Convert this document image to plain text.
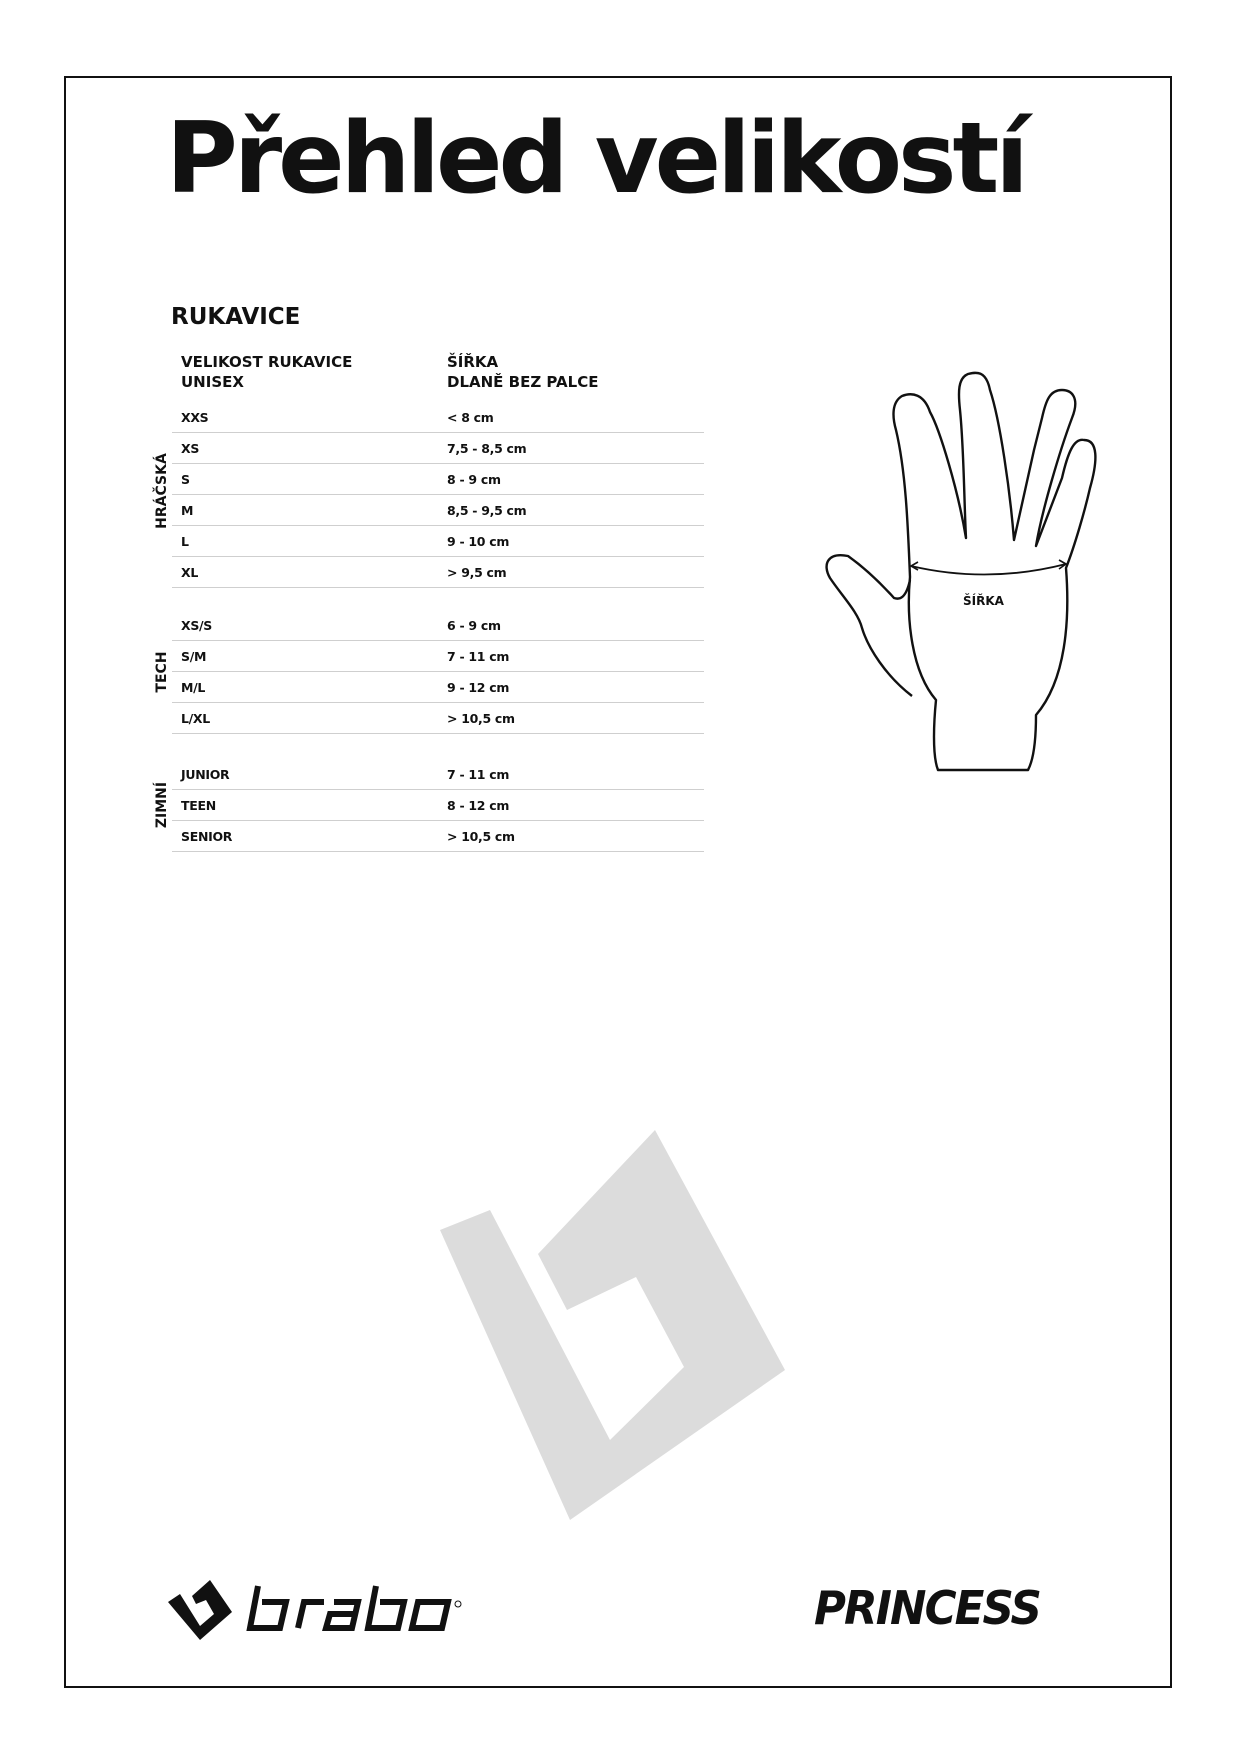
Přehled velikostí
RUKAVICE
VELIKOST RUKAVICE
UNISEX
ŠÍŘKA
DLANĚ BEZ PALCE
HRÁČSKÁ
XXS	< 8 cm
XS	7,5 - 8,5 cm
S	8 - 9 cm
M	8,5 - 9,5 cm
L	9 - 10 cm
XL	> 9,5 cm
TECH
XS/S	6 - 9 cm
S/M	7 - 11 cm
M/L	9 - 12 cm
L/XL	> 10,5 cm
ZIMNÍ
JUNIOR	7 - 11 cm
TEEN	8 - 12 cm
SENIOR	> 10,5 cm
ŠÍŘKA
brabo
PRINCESS
